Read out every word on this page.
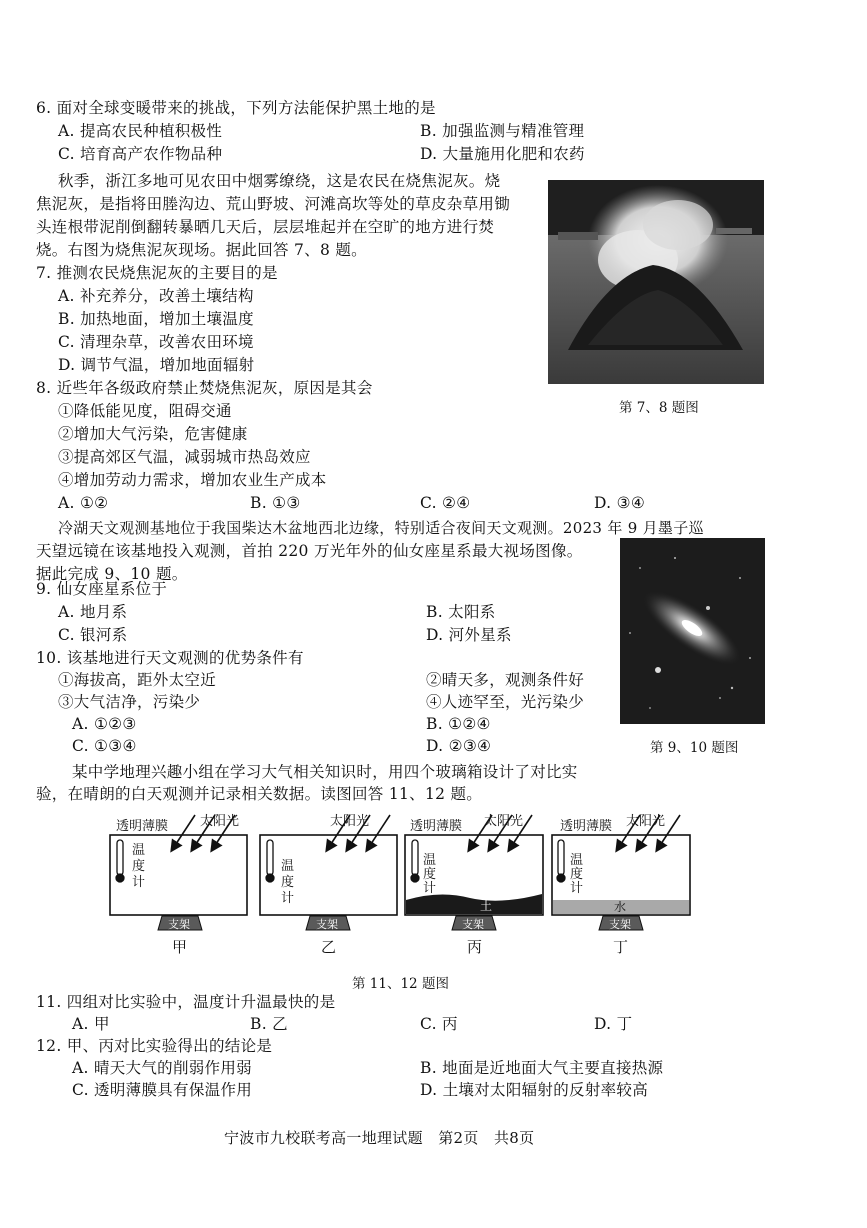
6. 面对全球变暖带来的挑战，下列方法能保护黑土地的是
A. 提高农民种植积极性	B. 加强监测与精准管理
C. 培育高产农作物品种	D. 大量施用化肥和农药
秋季，浙江多地可见农田中烟雾缭绕，这是农民在烧焦泥灰。烧
焦泥灰，是指将田塍沟边、荒山野坡、河滩高坎等处的草皮杂草用锄
头连根带泥削倒翻转暴晒几天后，层层堆起并在空旷的地方进行焚
烧。右图为烧焦泥灰现场。据此回答 7、8 题。
第 7、8 题图
7. 推测农民烧焦泥灰的主要目的是
A. 补充养分，改善土壤结构
B. 加热地面，增加土壤温度
C. 清理杂草，改善农田环境
D. 调节气温，增加地面辐射
8. 近些年各级政府禁止焚烧焦泥灰，原因是其会
①降低能见度，阻碍交通
②增加大气污染，危害健康
③提高郊区气温，减弱城市热岛效应
④增加劳动力需求，增加农业生产成本
A. ①②	B. ①③	C. ②④	D. ③④
冷湖天文观测基地位于我国柴达木盆地西北边缘，特别适合夜间天文观测。2023 年 9 月墨子巡
天望远镜在该基地投入观测，首拍 220 万光年外的仙女座星系最大视场图像。
据此完成 9、10 题。
第 9、10 题图
9. 仙女座星系位于
A. 地月系	B. 太阳系
C. 银河系	D. 河外星系
10. 该基地进行天文观测的优势条件有
①海拔高，距外太空近	②晴天多，观测条件好
③大气洁净，污染少	④人迹罕至，光污染少
A. ①②③	B. ①②④
C. ①③④	D. ②③④
某中学地理兴趣小组在学习大气相关知识时，用四个玻璃箱设计了对比实
验，在晴朗的白天观测并记录相关数据。读图回答 11、12 题。
透明薄膜 太阳光	太阳光	透明薄膜 太阳光	透明薄膜 太阳光
温
度
计
温
度
计
温
度
计
温
度
计
支架	支架	支架	支架
土	水
甲	乙	丙	丁
第 11、12 题图
11. 四组对比实验中，温度计升温最快的是
A. 甲	B. 乙	C. 丙	D. 丁
12. 甲、丙对比实验得出的结论是
A. 晴天大气的削弱作用弱	B. 地面是近地面大气主要直接热源
C. 透明薄膜具有保温作用	D. 土壤对太阳辐射的反射率较高
宁波市九校联考高一地理试题　第2页　共8页
